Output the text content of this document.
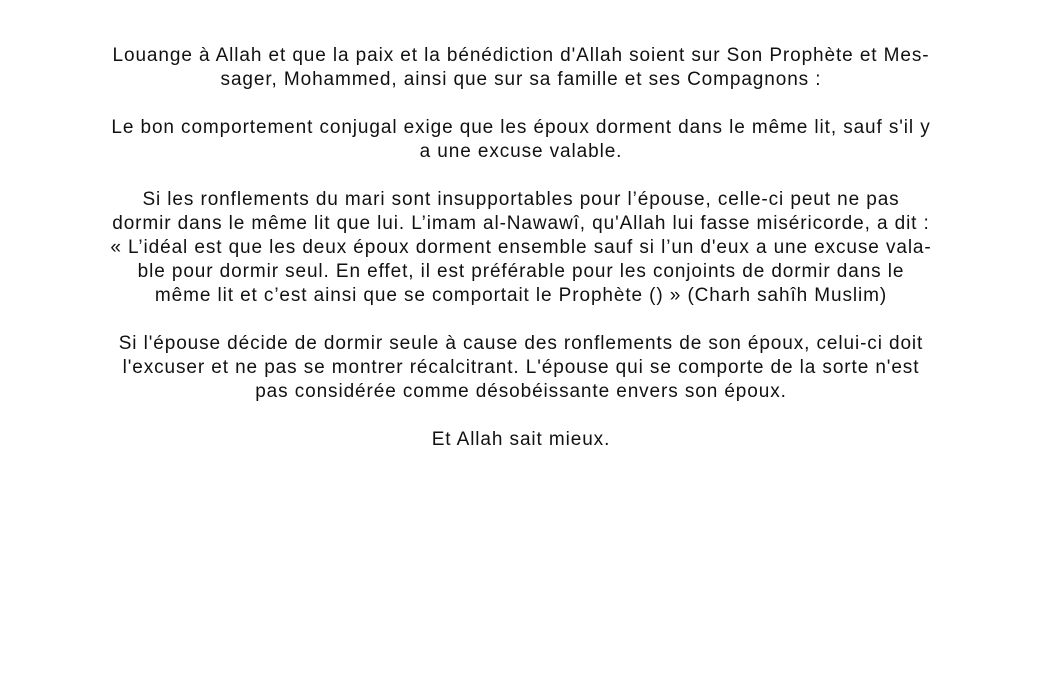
Louange à Allah et que la paix et la bénédiction d'Allah soient sur Son Prophète et Mes-
sager, Mohammed, ainsi que sur sa famille et ses Compagnons :

Le bon comportement conjugal exige que les époux dorment dans le même lit, sauf s'il y
a une excuse valable.

Si les ronflements du mari sont insupportables pour l’épouse, celle-ci peut ne pas
dormir dans le même lit que lui. L’imam al-Nawawî, qu'Allah lui fasse miséricorde, a dit :
« L’idéal est que les deux époux dorment ensemble sauf si l’un d'eux a une excuse vala-
ble pour dormir seul. En effet, il est préférable pour les conjoints de dormir dans le
même lit et c’est ainsi que se comportait le Prophète () » (Charh sahîh Muslim)

Si l'épouse décide de dormir seule à cause des ronflements de son époux, celui-ci doit
l'excuser et ne pas se montrer récalcitrant. L'épouse qui se comporte de la sorte n'est
pas considérée comme désobéissante envers son époux.

Et Allah sait mieux.
